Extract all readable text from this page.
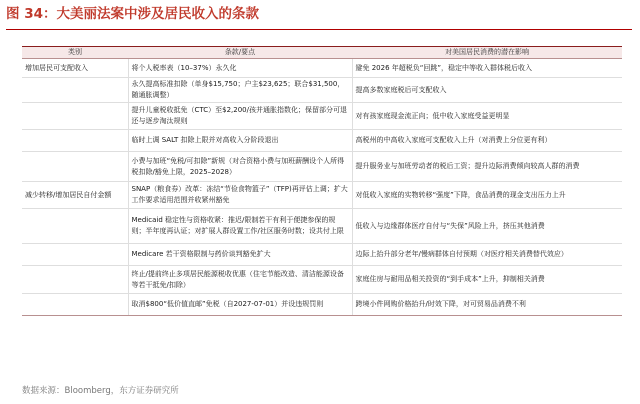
图 34：大美丽法案中涉及居民收入的条款
类别	条款/要点	对美国居民消费的潜在影响
增加居民可支配收入	将个人税率表（10–37%）永久化	避免 2026 年超税负“回跳”，稳定中等收入群体税后收入
	永久提高标准扣除（单身$15,750；户主$23,625；联合$31,500，随通胀调整）	提高多数家庭税后可支配收入
	提升儿童税收抵免（CTC）至$2,200/孩并通胀指数化；保留部分可退还与逐步淘汰规则	对有孩家庭现金流正向；低中收入家庭受益更明显
	临时上调 SALT 扣除上限并对高收入分阶段退出	高税州的中高收入家庭可支配收入上升（对消费上分位更有利）
	小费与加班“免税/可扣除”新规（对合资格小费与加班薪酬设个人所得税扣除/豁免上限，2025–2028）	提升服务业与加班劳动者的税后工资；提升边际消费倾向较高人群的消费
减少转移/增加居民自付金额	SNAP（粮食券）改革：冻结“节俭食物篮子”（TFP)再评估上调；扩大工作要求适用范围并收紧州豁免	对低收入家庭的实物转移“强度”下降，食品消费的现金支出压力上升
	Medicaid 稳定性与资格收紧：推迟/限制若干有利于便捷参保的规则；半年度再认证；对扩展人群设置工作/社区服务时数；设共付上限	低收入与边缘群体医疗自付与“失保”风险上升，挤压其他消费
	Medicare 若干资格限制与药价谈判豁免扩大	边际上抬升部分老年/慢病群体自付预期（对医疗相关消费替代效应）
	终止/提前终止多项居民能源税收优惠（住宅节能改造、清洁能源设备等若干抵免/扣除）	家庭住房与耐用品相关投资的“到手成本”上升，抑制相关消费
	取消$800“低价值直邮”免税（自2027-07-01）并设违规罚则	跨境小件网购价格抬升/时效下降，对可贸易品消费不利
数据来源：Bloomberg，东方证券研究所
